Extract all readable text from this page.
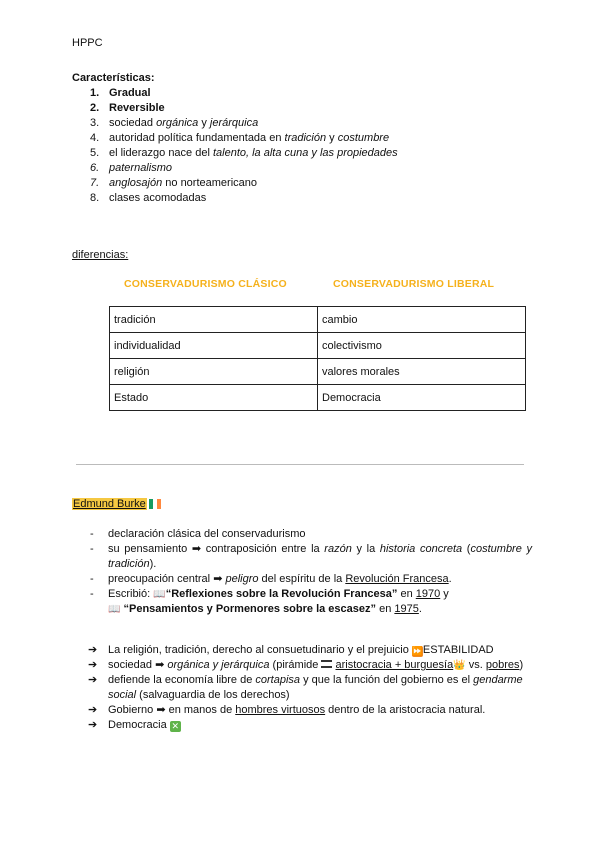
HPPC
Características:
1. Gradual
2. Reversible
3. sociedad orgánica y jerárquica
4. autoridad política fundamentada en tradición y costumbre
5. el liderazgo nace del talento, la alta cuna y las propiedades
6. paternalismo
7. anglosajón no norteamericano
8. clases acomodadas
diferencias:
CONSERVADURISMO CLÁSICO	CONSERVADURISMO LIBERAL
tradición	cambio
individualidad	colectivismo
religión	valores morales
Estado	Democracia
Edmund Burke
- declaración clásica del conservadurismo
- su pensamiento ➡ contraposición entre la razón y la historia concreta (costumbre y tradición).
- preocupación central ➡ peligro del espíritu de la Revolución Francesa.
- Escribió: 📖“Reflexiones sobre la Revolución Francesa” en 1970 y
📖 “Pensamientos y Pormenores sobre la escasez” en 1975.
➔ La religión, tradición, derecho al consuetudinario y el prejuicio ⏩ESTABILIDAD
➔ sociedad ➡ orgánica y jerárquica (pirámide  aristocracia + burguesía👑 vs. pobres)
➔ defiende la economía libre de cortapisa y que la función del gobierno es el gendarme social (salvaguardia de los derechos)
➔ Gobierno ➡ en manos de hombres virtuosos dentro de la aristocracia natural.
➔ Democracia ✕
